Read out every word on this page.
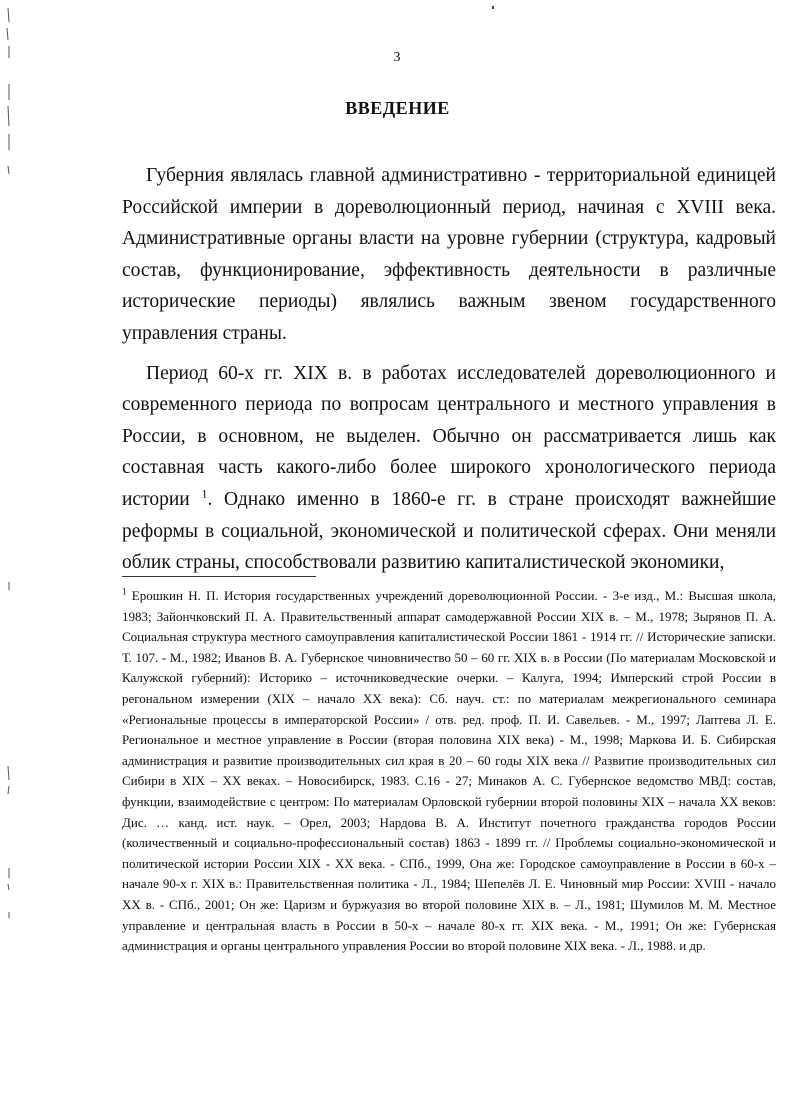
3
ВВЕДЕНИЕ

Губерния являлась главной административно - территориальной единицей Российской империи в дореволюционный период, начиная с XVIII века. Административные органы власти на уровне губернии (структура, кадровый состав, функционирование, эффективность деятельности в различные исторические периоды) являлись важным звеном государственного управления страны.

Период 60-х гг. XIX в. в работах исследователей дореволюционного и современного периода по вопросам центрального и местного управления в России, в основном, не выделен. Обычно он рассматривается лишь как составная часть какого-либо более широкого хронологического периода истории $^1$. Однако именно в 1860-е гг. в стране происходят важнейшие реформы в социальной, экономической и политической сферах. Они меняли облик страны, способствовали развитию капиталистической экономики,

$^1$ Ерошкин Н. П. История государственных учреждений дореволюционной России. - 3-е изд., М.: Высшая школа, 1983; Зайончковский П. А. Правительственный аппарат самодержавной России XIX в. – М., 1978; Зырянов П. А. Социальная структура местного самоуправления капиталистической России 1861 - 1914 гг. // Исторические записки. Т. 107. - М., 1982; Иванов В. А. Губернское чиновничество 50 – 60 гг. XIX в. в России (По материалам Московской и Калужской губерний): Историко – источниковедческие очерки. – Калуга, 1994; Имперский строй России в регональном измерении (XIX – начало XX века): Сб. науч. ст.: по материалам межрегионального семинара «Региональные процессы в императорской России» / отв. ред. проф. П. И. Савельев. - М., 1997; Лаптева Л. Е. Региональное и местное управление в России (вторая половина XIX века) - М., 1998; Маркова И. Б. Сибирская администрация и развитие производительных сил края в 20 – 60 годы XIX века // Развитие производительных сил Сибири в XIX – XX веках. – Новосибирск, 1983. С.16 - 27; Минаков А. С. Губернское ведомство МВД: состав, функции, взаимодействие с центром: По материалам Орловской губернии второй половины XIX – начала XX веков: Дис. … канд. ист. наук. – Орел, 2003; Нардова В. А. Институт почетного гражданства городов России (количественный и социально-профессиональный состав) 1863 - 1899 гг. // Проблемы социально-экономической и политической истории России XIX - XX века. - СПб., 1999, Она же: Городское самоуправление в России в 60-х – начале 90-х г. XIX в.: Правительственная политика - Л., 1984; Шепелёв Л. Е. Чиновный мир России: XVIII - начало XX в. - СПб., 2001; Он же: Царизм и буржуазия во второй половине XIX в. – Л., 1981; Шумилов М. М. Местное управление и центральная власть в России в 50-х – начале 80-х гг. XIX века. - М., 1991; Он же: Губернская администрация и органы центрального управления России во второй половине XIX века. - Л., 1988. и др.
